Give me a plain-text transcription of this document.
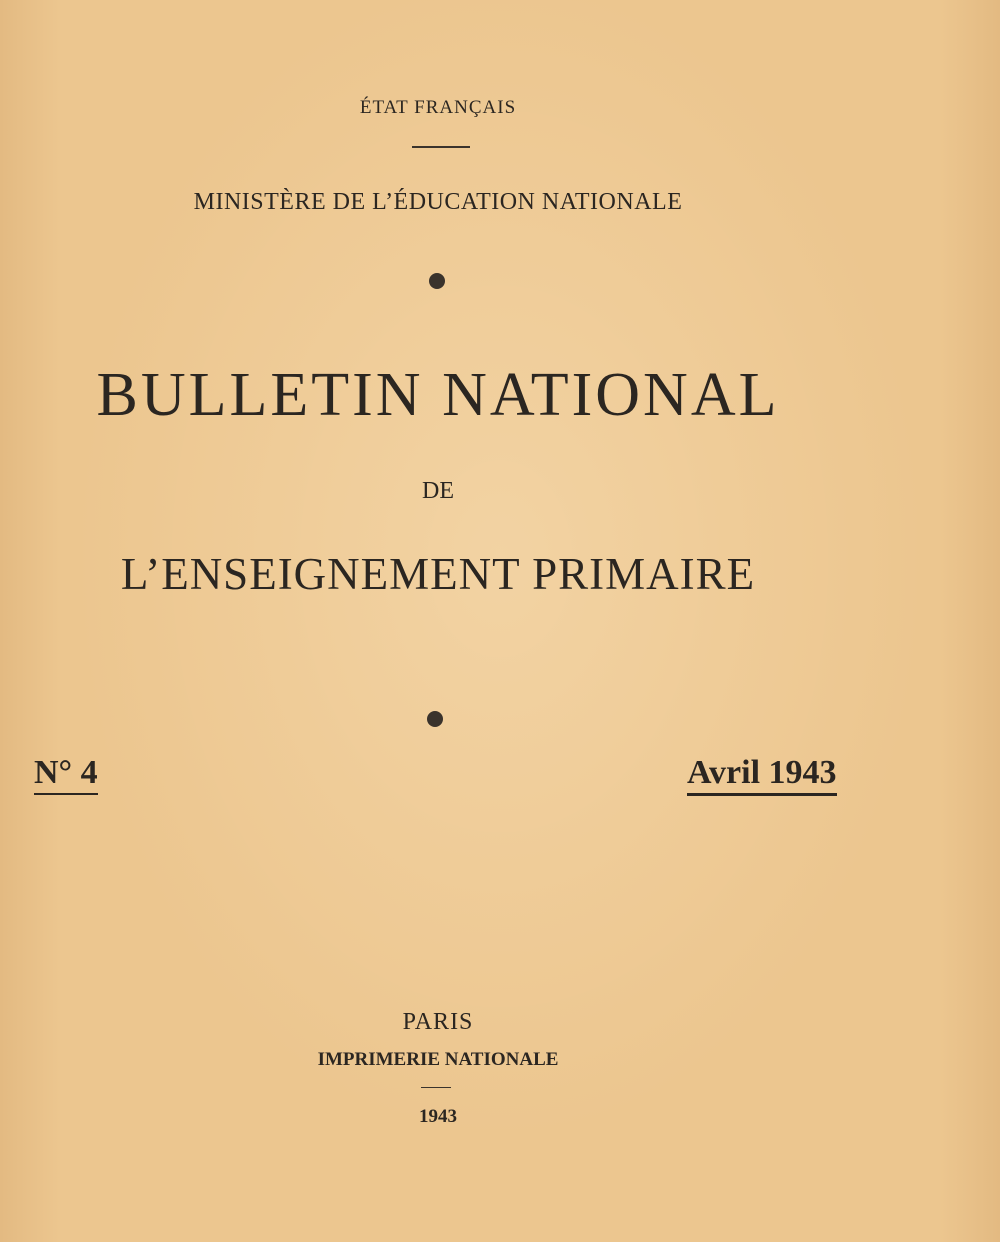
ÉTAT FRANÇAIS
MINISTÈRE DE L’ÉDUCATION NATIONALE
BULLETIN NATIONAL
DE
L’ENSEIGNEMENT PRIMAIRE
N° 4	Avril 1943
PARIS
IMPRIMERIE NATIONALE
1943
